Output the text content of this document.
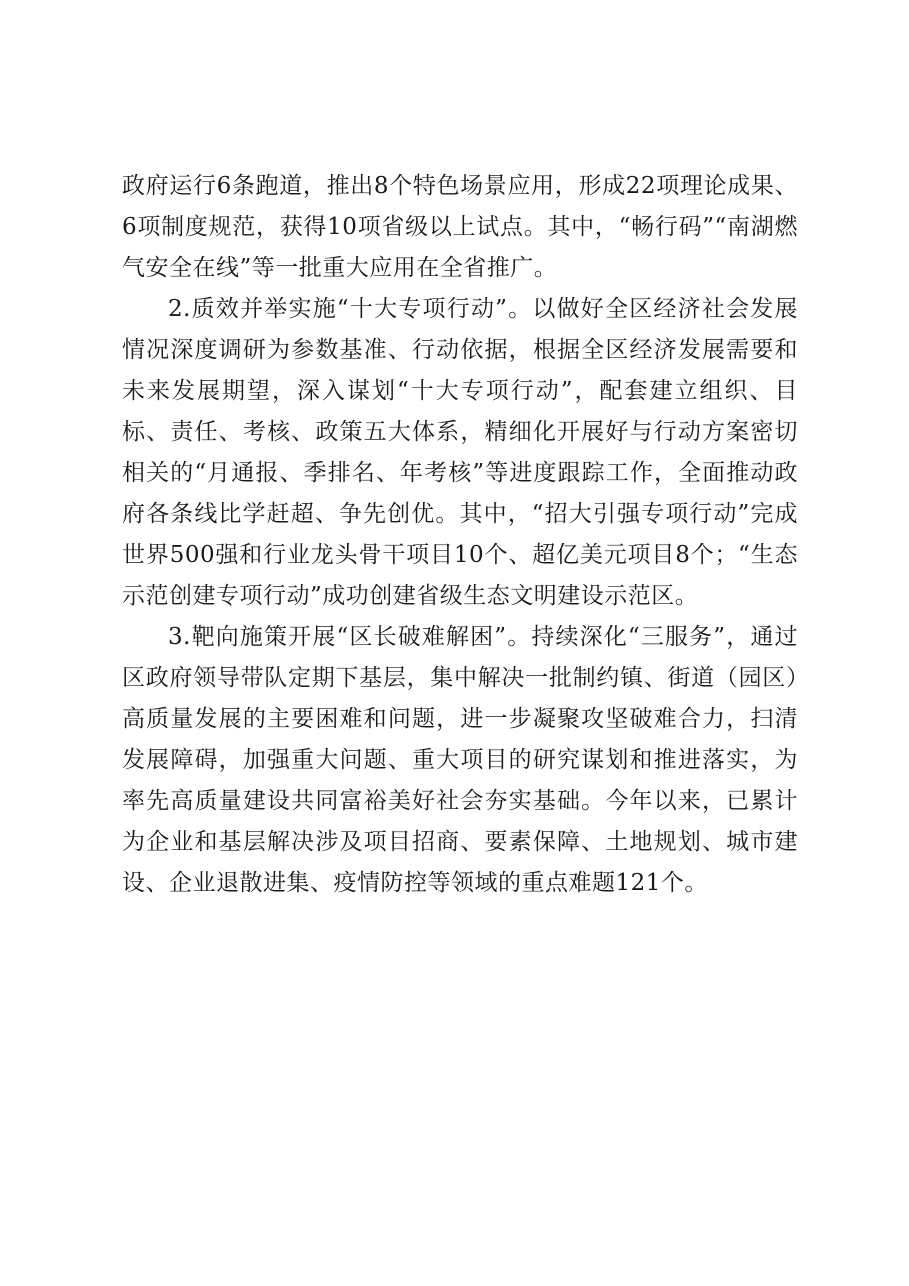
政府运行6条跑道，推出8个特色场景应用，形成22项理论成果、6项制度规范，获得10项省级以上试点。其中，“畅行码”“南湖燃气安全在线”等一批重大应用在全省推广。

2.质效并举实施“十大专项行动”。以做好全区经济社会发展情况深度调研为参数基准、行动依据，根据全区经济发展需要和未来发展期望，深入谋划“十大专项行动”，配套建立组织、目标、责任、考核、政策五大体系，精细化开展好与行动方案密切相关的“月通报、季排名、年考核”等进度跟踪工作，全面推动政府各条线比学赶超、争先创优。其中，“招大引强专项行动”完成世界500强和行业龙头骨干项目10个、超亿美元项目8个；“生态示范创建专项行动”成功创建省级生态文明建设示范区。

3.靶向施策开展“区长破难解困”。持续深化“三服务”，通过区政府领导带队定期下基层，集中解决一批制约镇、街道（园区）高质量发展的主要困难和问题，进一步凝聚攻坚破难合力，扫清发展障碍，加强重大问题、重大项目的研究谋划和推进落实，为率先高质量建设共同富裕美好社会夯实基础。今年以来，已累计为企业和基层解决涉及项目招商、要素保障、土地规划、城市建设、企业退散进集、疫情防控等领域的重点难题121个。
